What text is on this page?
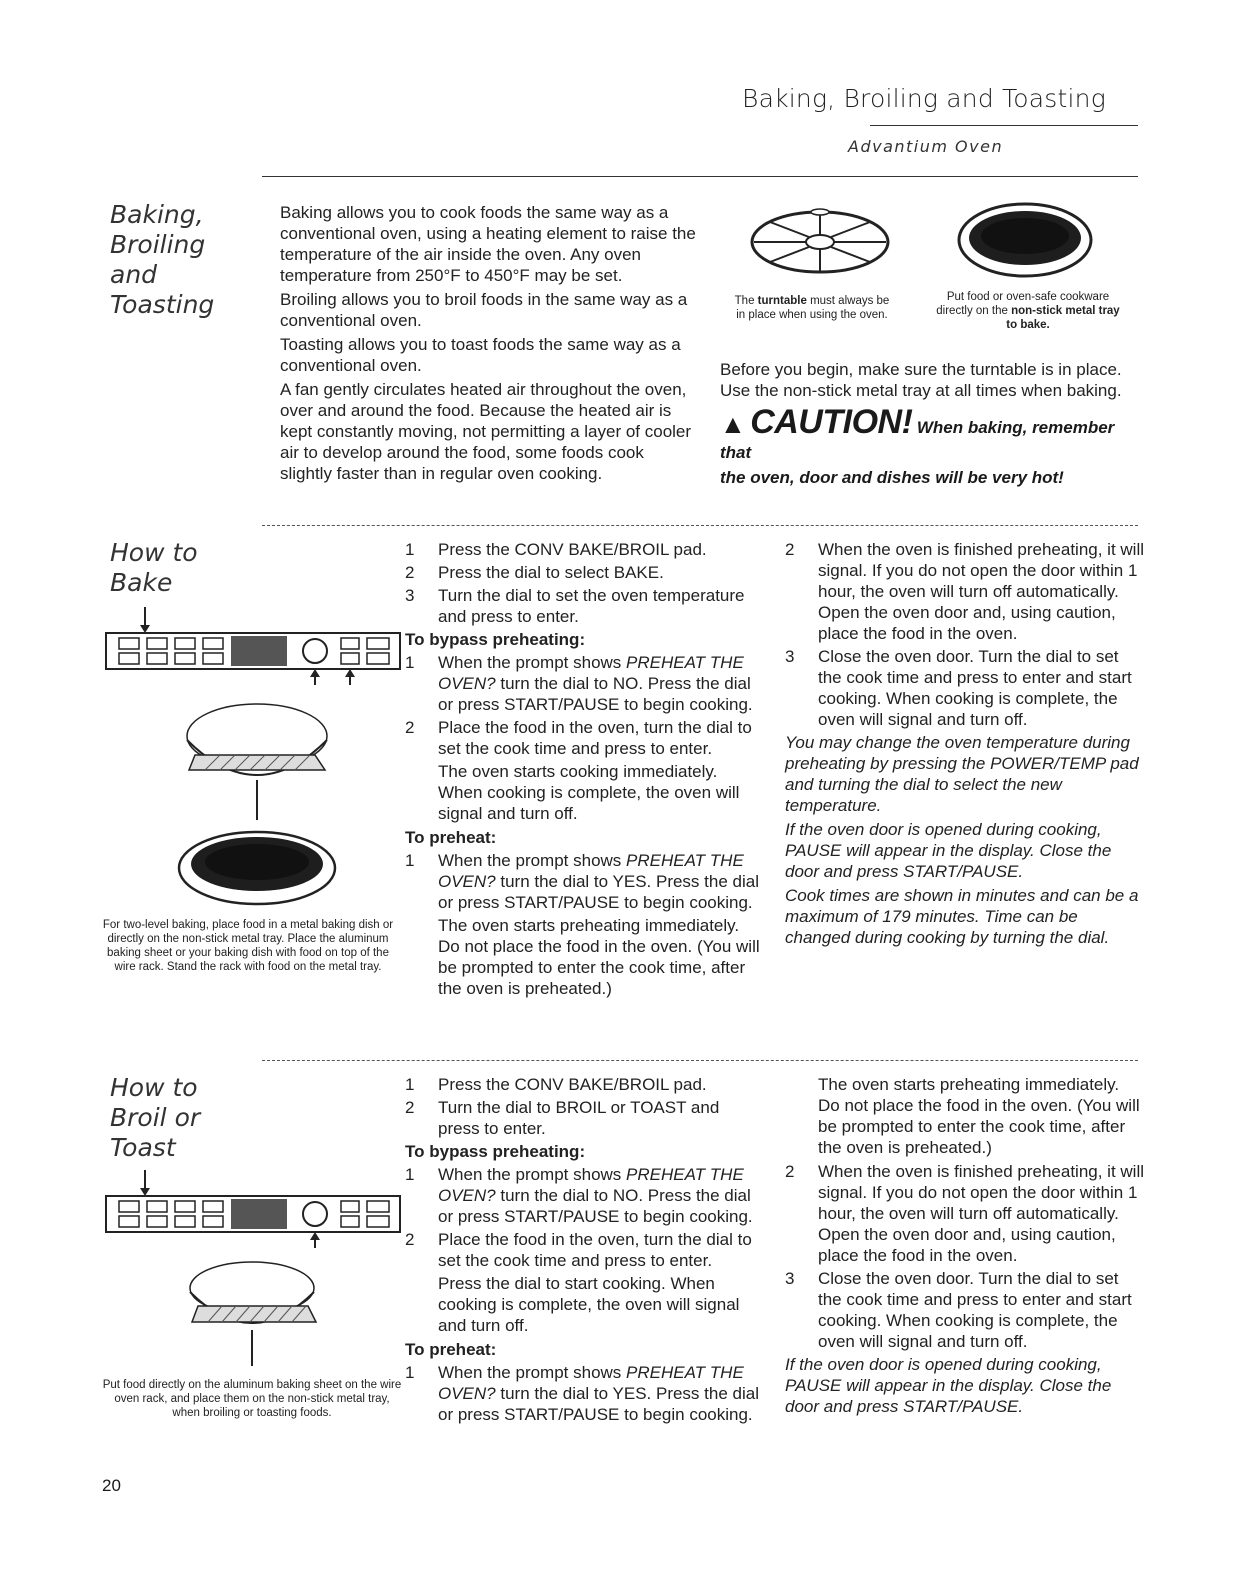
Baking, Broiling and Toasting
Advantium Oven
Baking,
Broiling
and
Toasting

Baking allows you to cook foods the same way as a conventional oven, using a heating element to raise the temperature of the air inside the oven. Any oven temperature from 250°F to 450°F may be set.

Broiling allows you to broil foods in the same way as a conventional oven.

Toasting allows you to toast foods the same way as a conventional oven.

A fan gently circulates heated air throughout the oven, over and around the food. Because the heated air is kept constantly moving, not permitting a layer of cooler air to develop around the food, some foods cook slightly faster than in regular oven cooking.

The turntable must always be in place when using the oven.
Put food or oven-safe cookware directly on the non-stick metal tray to bake.
Before you begin, make sure the turntable is in place. Use the non-stick metal tray at all times when baking.
▲ CAUTION! When baking, remember that
the oven, door and dishes will be very hot!
How to
Bake
For two-level baking, place food in a metal baking dish or directly on the non-stick metal tray. Place the aluminum baking sheet or your baking dish with food on top of the wire rack. Stand the rack with food on the metal tray.
1	Press the CONV BAKE/BROIL pad.
2	Press the dial to select BAKE.
3	Turn the dial to set the oven temperature and press to enter.
To bypass preheating:
1	When the prompt shows PREHEAT THE OVEN? turn the dial to NO. Press the dial or press START/PAUSE to begin cooking.
2	Place the food in the oven, turn the dial to set the cook time and press to enter.

The oven starts cooking immediately. When cooking is complete, the oven will signal and turn off.

To preheat:
1	When the prompt shows PREHEAT THE OVEN? turn the dial to YES. Press the dial or press START/PAUSE to begin cooking.

The oven starts preheating immediately. Do not place the food in the oven. (You will be prompted to enter the cook time, after the oven is preheated.)

2	When the oven is finished preheating, it will signal. If you do not open the door within 1 hour, the oven will turn off automatically. Open the oven door and, using caution, place the food in the oven.
3	Close the oven door. Turn the dial to set the cook time and press to enter and start cooking. When cooking is complete, the oven will signal and turn off.

You may change the oven temperature during preheating by pressing the POWER/TEMP pad and turning the dial to select the new temperature.

If the oven door is opened during cooking, PAUSE will appear in the display. Close the door and press START/PAUSE.

Cook times are shown in minutes and can be a maximum of 179 minutes. Time can be changed during cooking by turning the dial.

How to
Broil or
Toast
Put food directly on the aluminum baking sheet on the wire oven rack, and place them on the non-stick metal tray, when broiling or toasting foods.
1	Press the CONV BAKE/BROIL pad.
2	Turn the dial to BROIL or TOAST and press to enter.
To bypass preheating:
1	When the prompt shows PREHEAT THE OVEN? turn the dial to NO. Press the dial or press START/PAUSE to begin cooking.
2	Place the food in the oven, turn the dial to set the cook time and press to enter.

Press the dial to start cooking. When cooking is complete, the oven will signal and turn off.

To preheat:
1	When the prompt shows PREHEAT THE OVEN? turn the dial to YES. Press the dial or press START/PAUSE to begin cooking.

The oven starts preheating immediately. Do not place the food in the oven. (You will be prompted to enter the cook time, after the oven is preheated.)

2	When the oven is finished preheating, it will signal. If you do not open the door within 1 hour, the oven will turn off automatically. Open the oven door and, using caution, place the food in the oven.
3	Close the oven door. Turn the dial to set the cook time and press to enter and start cooking. When cooking is complete, the oven will signal and turn off.

If the oven door is opened during cooking, PAUSE will appear in the display. Close the door and press START/PAUSE.

20
